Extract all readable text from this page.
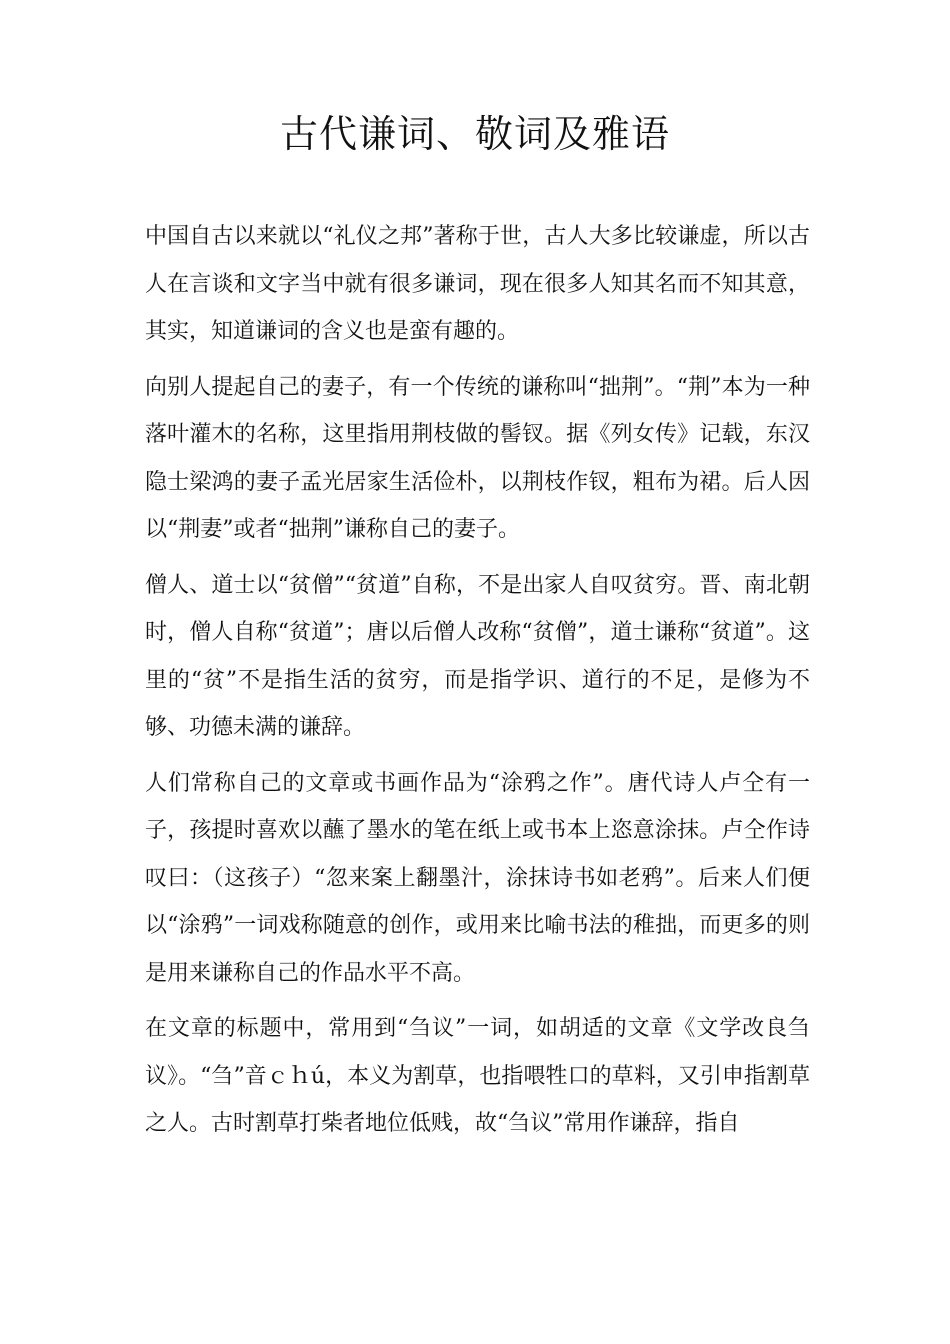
古代谦词、敬词及雅语

中国自古以来就以“礼仪之邦”著称于世，古人大多比较谦虚，所以古人在言谈和文字当中就有很多谦词，现在很多人知其名而不知其意，其实，知道谦词的含义也是蛮有趣的。

向别人提起自己的妻子，有一个传统的谦称叫“拙荆”。“荆”本为一种落叶灌木的名称，这里指用荆枝做的髻钗。据《列女传》记载，东汉隐士梁鸿的妻子孟光居家生活俭朴，以荆枝作钗，粗布为裙。后人因以“荆妻”或者“拙荆”谦称自己的妻子。

僧人、道士以“贫僧”“贫道”自称，不是出家人自叹贫穷。晋、南北朝时，僧人自称“贫道”；唐以后僧人改称“贫僧”，道士谦称“贫道”。这里的“贫”不是指生活的贫穷，而是指学识、道行的不足，是修为不够、功德未满的谦辞。

人们常称自己的文章或书画作品为“涂鸦之作”。唐代诗人卢仝有一子，孩提时喜欢以蘸了墨水的笔在纸上或书本上恣意涂抹。卢仝作诗叹曰：（这孩子）“忽来案上翻墨汁，涂抹诗书如老鸦”。后来人们便以“涂鸦”一词戏称随意的创作，或用来比喻书法的稚拙，而更多的则是用来谦称自己的作品水平不高。

在文章的标题中，常用到“刍议”一词，如胡适的文章《文学改良刍议》。“刍”音ｃｈú，本义为割草，也指喂牲口的草料，又引申指割草之人。古时割草打柴者地位低贱，故“刍议”常用作谦辞，指自
